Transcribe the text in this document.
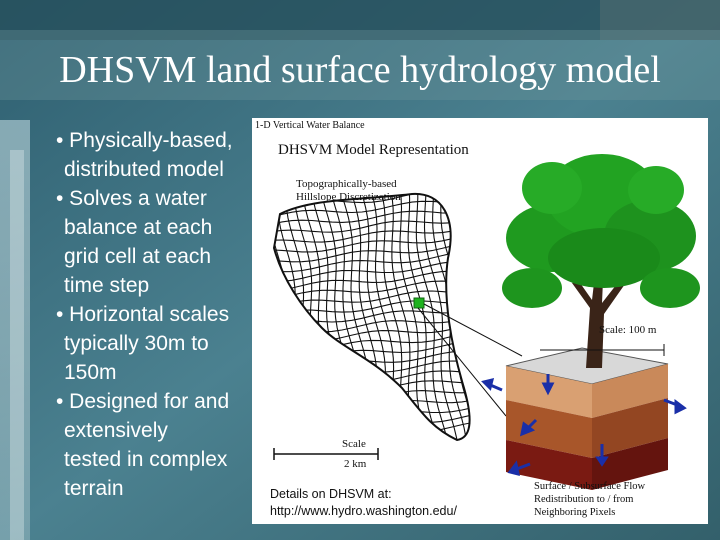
DHSVM land surface hydrology model
• Physically-based,
distributed model
• Solves a water
balance at each
grid cell at each
time step
• Horizontal scales
typically 30m to
150m
• Designed for and
extensively
tested in complex
terrain
1-D Vertical Water Balance
DHSVM Model Representation
Topographically-based
Hillslope Discretization
Scale: 100 m
Scale
2 km
Surface / Subsurface Flow
Redistribution to / from
Neighboring Pixels
Details on DHSVM at:
http://www.hydro.washington.edu/
